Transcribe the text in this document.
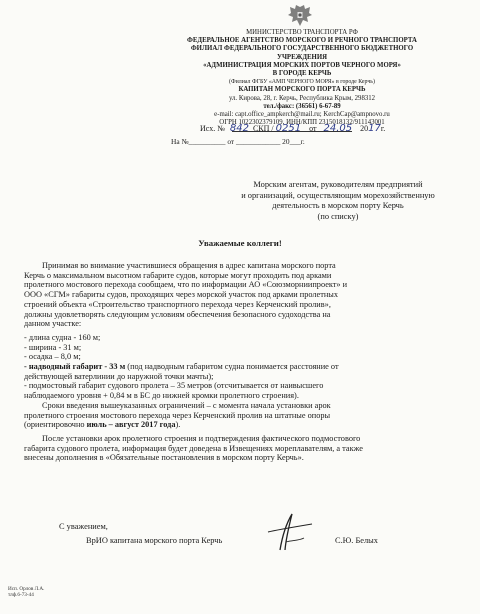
МИНИСТЕРСТВО ТРАНСПОРТА РФ
ФЕДЕРАЛЬНОЕ АГЕНТСТВО МОРСКОГО И РЕЧНОГО ТРАНСПОРТА
ФИЛИАЛ ФЕДЕРАЛЬНОГО ГОСУДАРСТВЕННОГО БЮДЖЕТНОГО УЧРЕЖДЕНИЯ
«АДМИНИСТРАЦИЯ МОРСКИХ ПОРТОВ ЧЕРНОГО МОРЯ»
В ГОРОДЕ КЕРЧЬ
(Филиал ФГБУ «АМП ЧЕРНОГО МОРЯ» в городе Керчь)
КАПИТАН МОРСКОГО ПОРТА КЕРЧЬ
ул. Кирова, 28, г. Керчь, Республика Крым, 298312
тел./факс: (36561) 6-67-89
e-mail: capt.office_ampkerch@mail.ru; KerchCap@ampnovo.ru
ОГРН 1022302379109, ИНН/КПП 2315018132/911143001
Исх. № 842 СКП / 0251 от 24.05 2017г.
На №__________ от ____________ 20___г.
Морским агентам, руководителям предприятий
и организаций, осуществляющим морехозяйственную
деятельность в морском порту Керчь
(по списку)
Уважаемые коллеги!
Принимая во внимание участившиеся обращения в адрес капитана морского порта
Керчь о максимальном высотном габарите судов, которые могут проходить под арками
пролетного мостового перехода сообщаем, что по информации АО «Союзморниипроект» и
ООО «СГМ» габариты судов, проходящих через морской участок под арками пролетных
строений объекта «Строительство транспортного перехода через Керченский пролив»,
должны удовлетворять следующим условиям обеспечения безопасного судоходства на
данном участке:
- длина судна - 160 м;
- ширина - 31 м;
- осадка – 8,0 м;
- надводный габарит - 33 м (под надводным габаритом судна понимается расстояние от
действующей ватерлинии до наружной точки мачты);
- подмостовый габарит судового пролета – 35 метров (отсчитывается от наивысшего
наблюдаемого уровня + 0,84 м в БС до нижней кромки пролетного строения).
Сроки введения вышеуказанных ограничений – с момента начала установки арок
пролетного строения мостового перехода через Керченский пролив на штатные опоры
(ориентировочно июль – август 2017 года).
После установки арок пролетного строения и подтверждения фактического подмостового
габарита судового пролета, информация будет доведена в Извещениях мореплавателям, а также
внесены дополнения в «Обязательные постановления в морском порту Керчь».
С уважением,
ВрИО капитана морского порта Керчь	С.Ю. Белых
Исп. Орлов Л.А.
тлф.6-73-44
